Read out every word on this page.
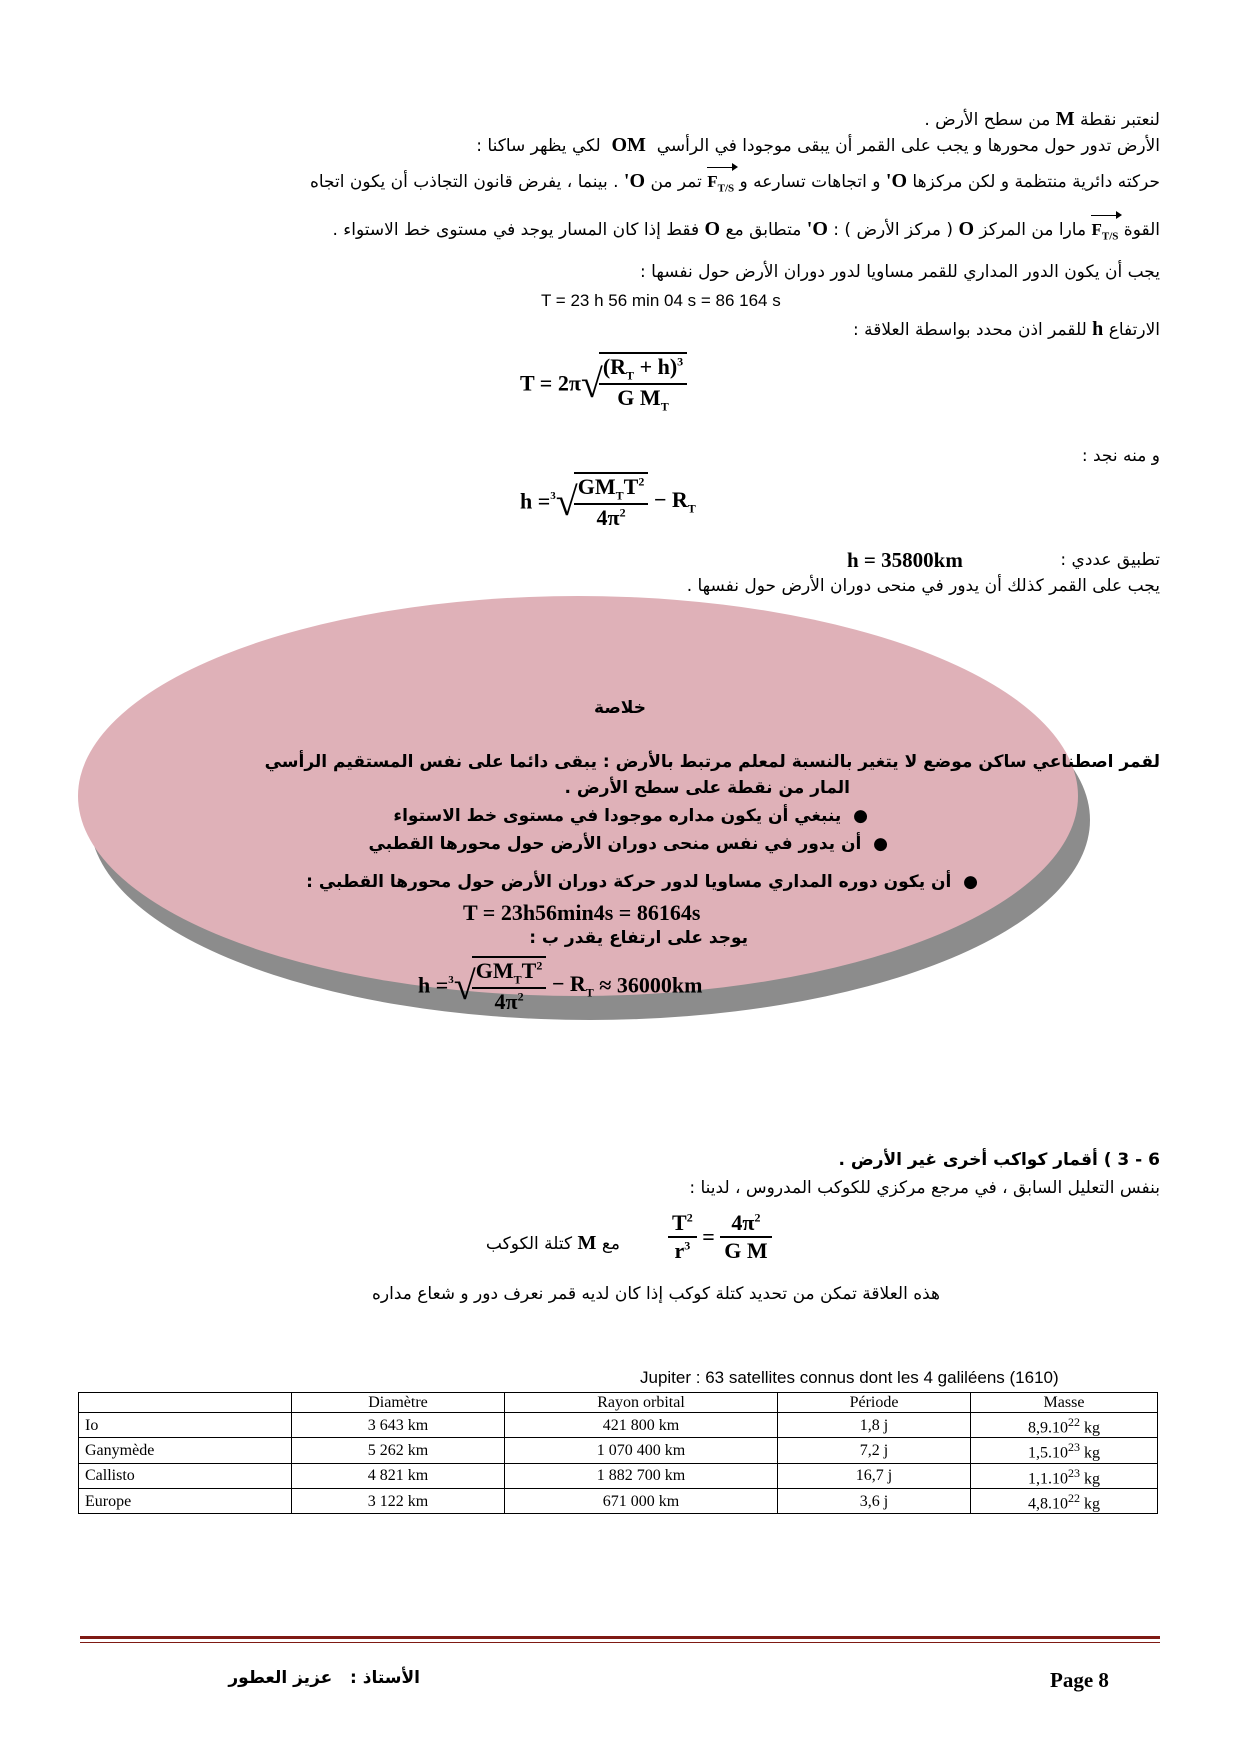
لنعتبر نقطة M من سطح الأرض .
الأرض تدور حول محورها و يجب على القمر أن يبقى موجودا في الرأسي  OM  لكي يظهر ساكنا :
حركته دائرية منتظمة و لكن مركزها O' و اتجاهات تسارعه و $F_{T/S}$ تمر من O' . بينما ، يفرض قانون التجاذب أن يكون اتجاه
القوة $F_{T/S}$ مارا من المركز O ( مركز الأرض ) : O' متطابق مع O فقط إذا كان المسار يوجد في مستوى خط الاستواء .
يجب أن يكون الدور المداري للقمر مساويا لدور دوران الأرض حول نفسها :
T = 23 h 56 min 04 s = 86 164 s
الارتفاع h للقمر اذن محدد بواسطة العلاقة :
T = 2π√
$\frac{(R_T + h)^3}{G M_T}$
و منه نجد :
h =$^3$√
$\frac{GM_TT^2}{4\pi^2} - R_T$
تطبيق عددي :
h = 35800km
يجب على القمر كذلك أن يدور في منحى دوران الأرض حول نفسها .
خلاصة
لقمر اصطناعي ساكن موضع لا يتغير بالنسبة لمعلم مرتبط بالأرض : يبقى دائما على نفس المستقيم الرأسي
المار من نقطة على سطح الأرض .
●  ينبغي أن يكون مداره موجودا في مستوى خط الاستواء
●  أن يدور في نفس منحى دوران الأرض حول محورها القطبي
●  أن يكون دوره المداري مساويا لدور حركة دوران الأرض حول محورها القطبي :
T = 23h56min4s = 86164s
يوجد على ارتفاع يقدر ب :
h =$^3$√
$\frac{GM_TT^2}{4\pi^2} - R_T \approx 36000km$
6 - 3 ) أقمار كواكب أخرى غير الأرض .
بنفس التعليل السابق ، في مرجع مركزي للكوكب المدروس ، لدينا :
$\frac{T^2}{r^3} = \frac{4\pi^2}{\text{G M}}$
مع M كتلة الكوكب
هذه العلاقة تمكن من تحديد كتلة كوكب إذا كان لديه قمر نعرف دور و شعاع مداره
Jupiter : 63 satellites connus dont les 4 galiléens (1610)
	Diamètre	Rayon orbital	Période	Masse
Io	3 643 km	421 800 km	1,8 j	8,9.10$^{22}$ kg
Ganymède	5 262 km	1 070 400 km	7,2 j	1,5.10$^{23}$ kg
Callisto	4 821 km	1 882 700 km	16,7 j	1,1.10$^{23}$ kg
Europe	3 122 km	671 000 km	3,6 j	4,8.10$^{22}$ kg
Page 8
الأستاذ :   عزيز العطور
